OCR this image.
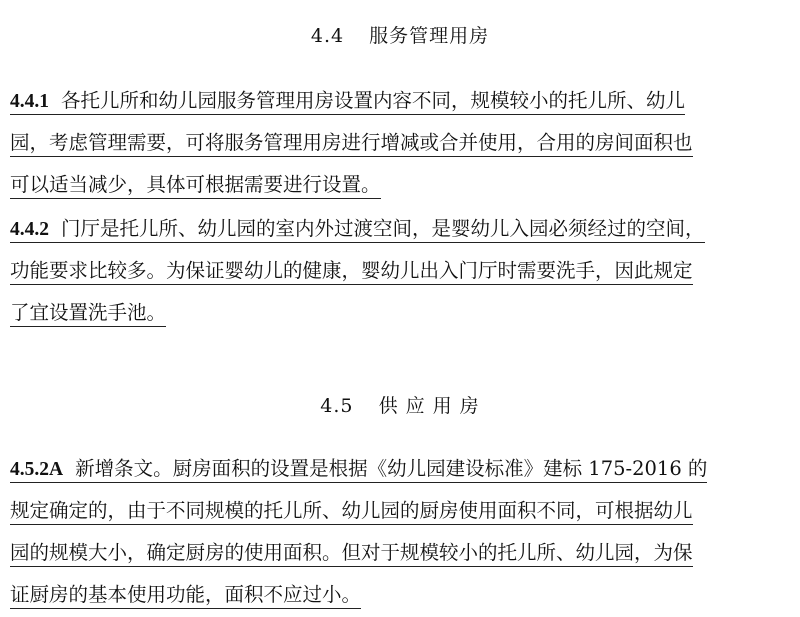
4.4 服务管理用房
4.4.1 各托儿所和幼儿园服务管理用房设置内容不同，规模较小的托儿所、幼儿
园，考虑管理需要，可将服务管理用房进行增减或合并使用，合用的房间面积也
可以适当减少，具体可根据需要进行设置。
4.4.2 门厅是托儿所、幼儿园的室内外过渡空间，是婴幼儿入园必须经过的空间，
功能要求比较多。为保证婴幼儿的健康，婴幼儿出入门厅时需要洗手，因此规定
了宜设置洗手池。
4.5 供 应 用 房
4.5.2A 新增条文。厨房面积的设置是根据《幼儿园建设标准》建标 175-2016 的
规定确定的，由于不同规模的托儿所、幼儿园的厨房使用面积不同，可根据幼儿
园的规模大小，确定厨房的使用面积。但对于规模较小的托儿所、幼儿园，为保
证厨房的基本使用功能，面积不应过小。
